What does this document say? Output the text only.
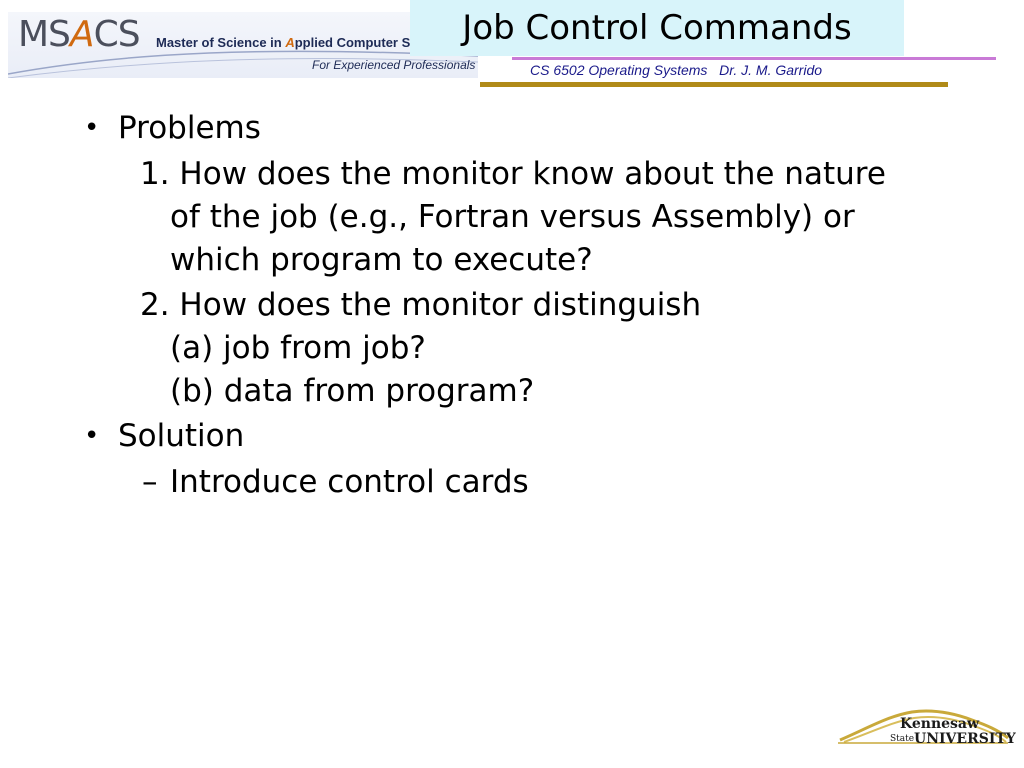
MSACS Master of Science in Applied Computer S
For Experienced Professionals
Job Control Commands
CS 6502 Operating Systems   Dr. J. M. Garrido
• Problems
1. How does the monitor know about the nature
of the job (e.g., Fortran versus Assembly) or
which program to execute?
2. How does the monitor distinguish
(a) job from job?
(b) data from program?
• Solution
– Introduce control cards
Kennesaw
State UNIVERSITY
